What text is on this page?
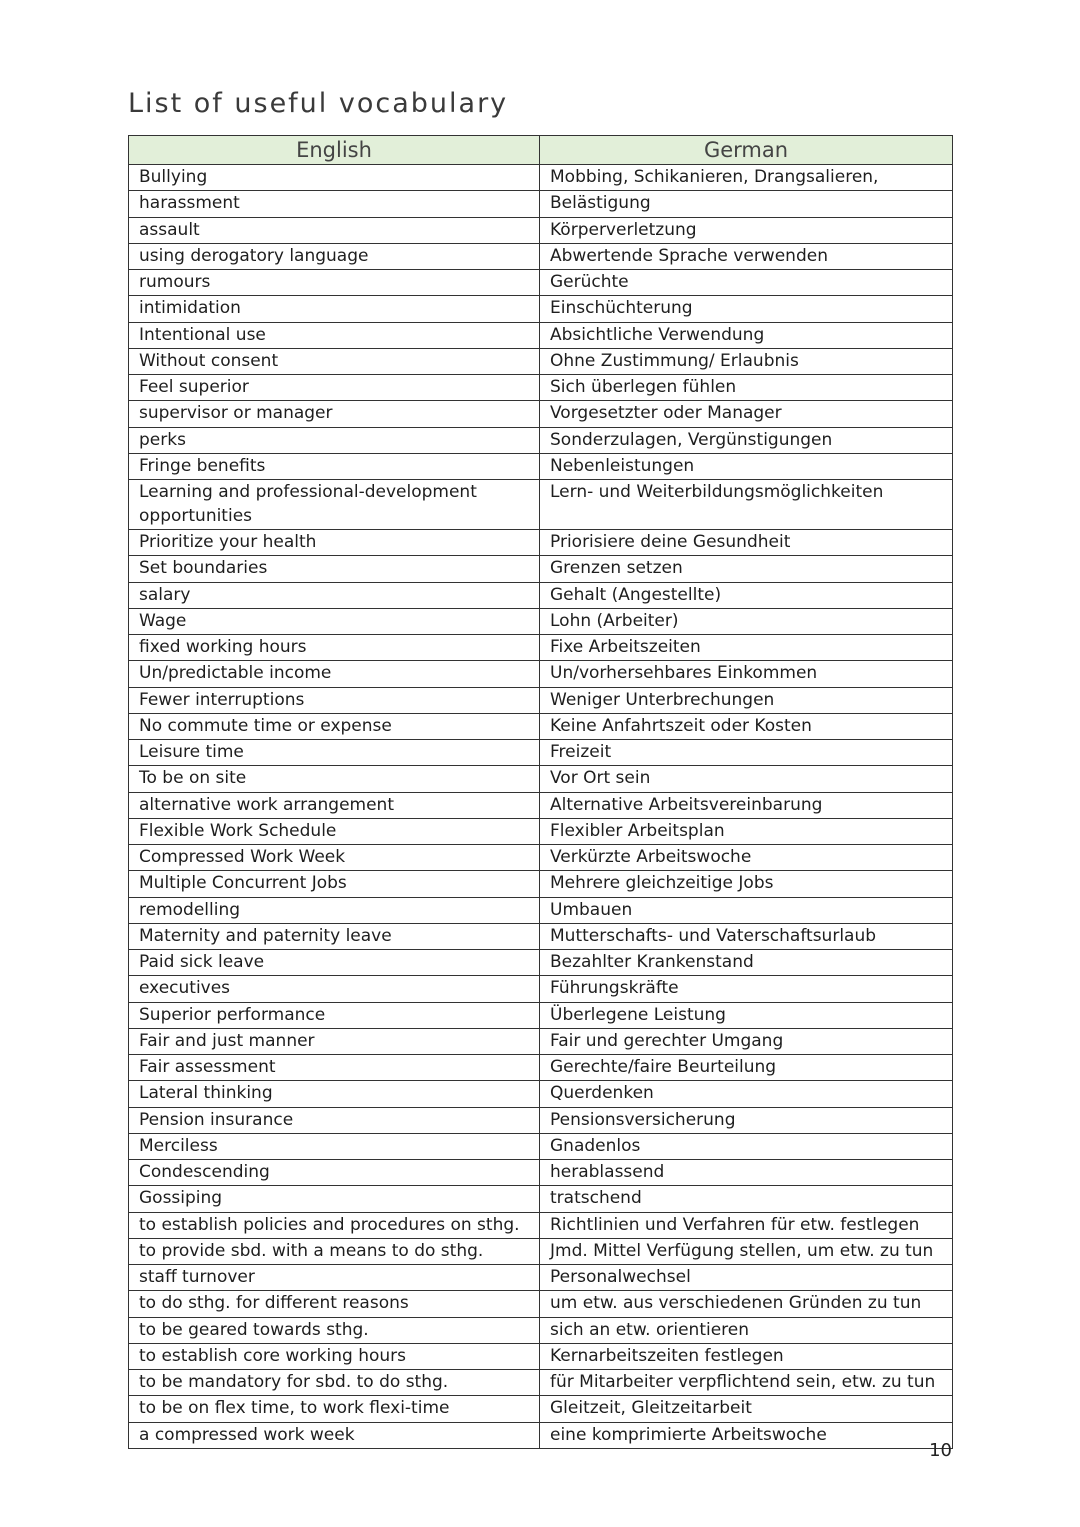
List of useful vocabulary
English	German
Bullying	Mobbing, Schikanieren, Drangsalieren,
harassment	Belästigung
assault	Körperverletzung
using derogatory language	Abwertende Sprache verwenden
rumours	Gerüchte
intimidation	Einschüchterung
Intentional use	Absichtliche Verwendung
Without consent	Ohne Zustimmung/ Erlaubnis
Feel superior	Sich überlegen fühlen
supervisor or manager	Vorgesetzter oder Manager
perks	Sonderzulagen, Vergünstigungen
Fringe benefits	Nebenleistungen
Learning and professional-development opportunities	Lern- und Weiterbildungsmöglichkeiten
Prioritize your health	Priorisiere deine Gesundheit
Set boundaries	Grenzen setzen
salary	Gehalt (Angestellte)
Wage	Lohn (Arbeiter)
fixed working hours	Fixe Arbeitszeiten
Un/predictable income	Un/vorhersehbares Einkommen
Fewer interruptions	Weniger Unterbrechungen
No commute time or expense	Keine Anfahrtszeit oder Kosten
Leisure time	Freizeit
To be on site	Vor Ort sein
alternative work arrangement	Alternative Arbeitsvereinbarung
Flexible Work Schedule	Flexibler Arbeitsplan
Compressed Work Week	Verkürzte Arbeitswoche
Multiple Concurrent Jobs	Mehrere gleichzeitige Jobs
remodelling	Umbauen
Maternity and paternity leave	Mutterschafts- und Vaterschaftsurlaub
Paid sick leave	Bezahlter Krankenstand
executives	Führungskräfte
Superior performance	Überlegene Leistung
Fair and just manner	Fair und gerechter Umgang
Fair assessment	Gerechte/faire Beurteilung
Lateral thinking	Querdenken
Pension insurance	Pensionsversicherung
Merciless	Gnadenlos
Condescending	herablassend
Gossiping	tratschend
to establish policies and procedures on sthg.	Richtlinien und Verfahren für etw. festlegen
to provide sbd. with a means to do sthg.	Jmd. Mittel Verfügung stellen, um etw. zu tun
staff turnover	Personalwechsel
to do sthg. for different reasons	um etw. aus verschiedenen Gründen zu tun
to be geared towards sthg.	sich an etw. orientieren
to establish core working hours	Kernarbeitszeiten festlegen
to be mandatory for sbd. to do sthg.	für Mitarbeiter verpflichtend sein, etw. zu tun
to be on flex time, to work flexi-time	Gleitzeit, Gleitzeitarbeit
a compressed work week	eine komprimierte Arbeitswoche
10
